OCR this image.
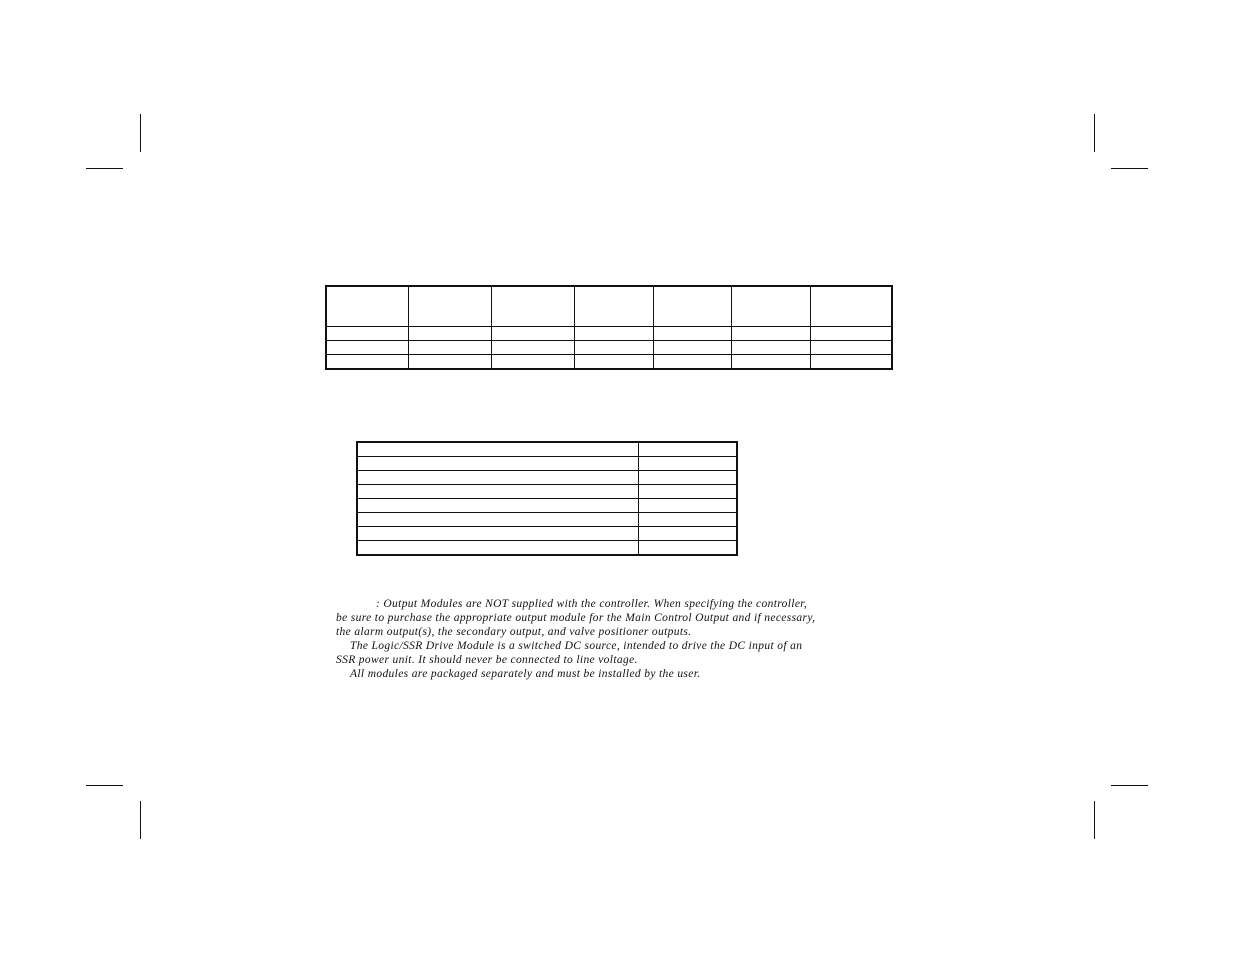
: Output Modules are NOT supplied with the controller. When specifying the controller,

be sure to purchase the appropriate output module for the Main Control Output and if necessary,

the alarm output(s), the secondary output, and valve positioner outputs.

The Logic/SSR Drive Module is a switched DC source, intended to drive the DC input of an

SSR power unit. It should never be connected to line voltage.

All modules are packaged separately and must be installed by the user.
